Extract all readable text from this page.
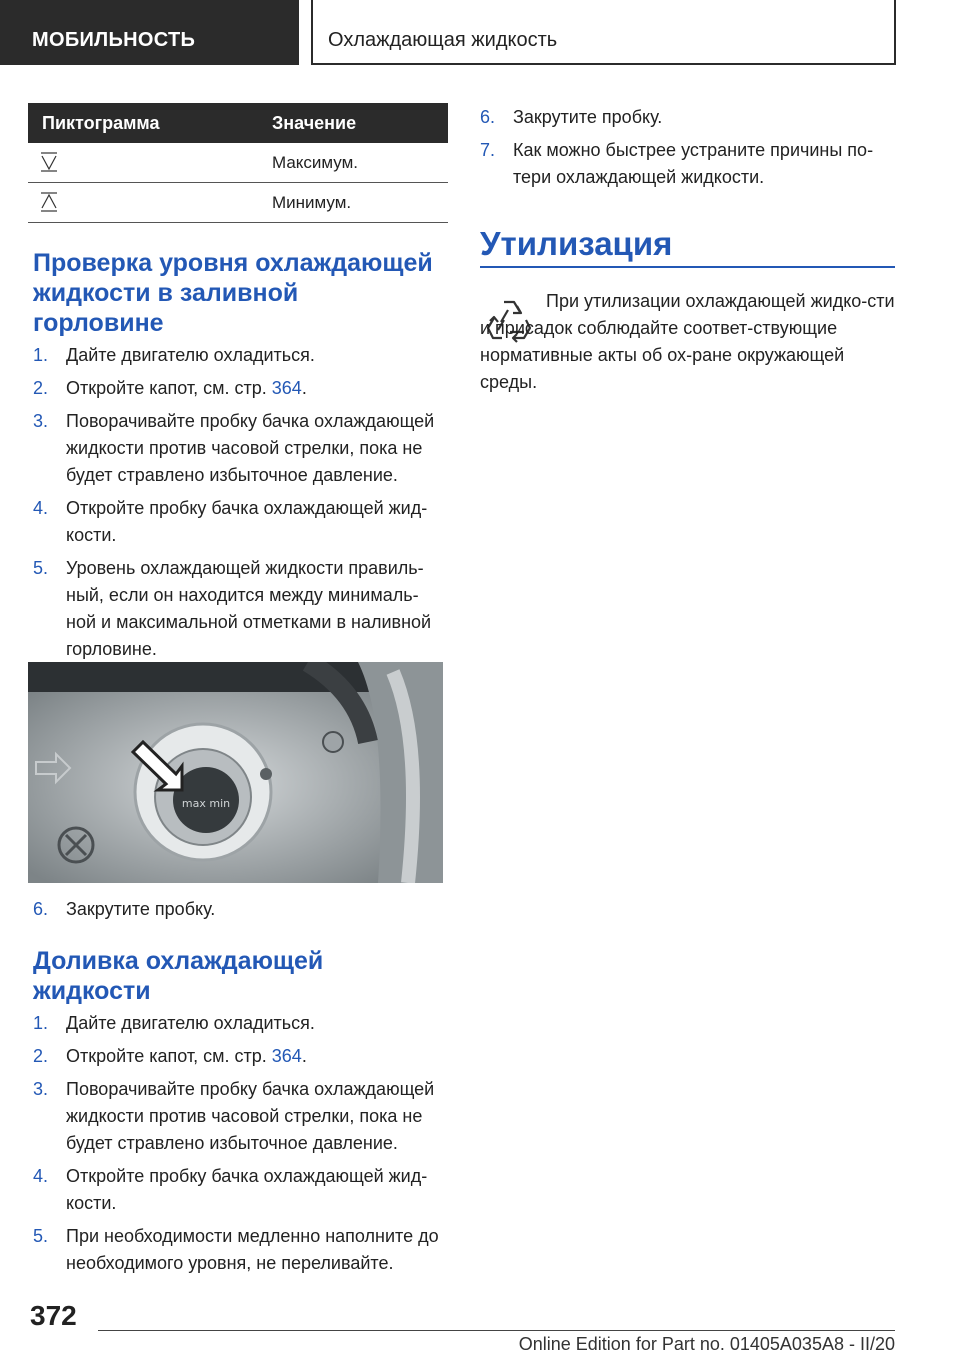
МОБИЛЬНОСТЬ	Охлаждающая жидкость
Пиктограмма	Значение
Максимум.
Минимум.
Проверка уровня охлаждающей жидкости в заливной горловине
1. Дайте двигателю охладиться.
2. Откройте капот, см. стр. 364.
3. Поворачивайте пробку бачка охлаждающей жидкости против часовой стрелки, пока не будет стравлено избыточное давление.
4. Откройте пробку бачка охлаждающей жид-кости.
5. Уровень охлаждающей жидкости правиль-ный, если он находится между минималь-ной и максимальной отметками в наливной горловине.
max min
6. Закрутите пробку.
Доливка охлаждающей жидкости
1. Дайте двигателю охладиться.
2. Откройте капот, см. стр. 364.
3. Поворачивайте пробку бачка охлаждающей жидкости против часовой стрелки, пока не будет стравлено избыточное давление.
4. Откройте пробку бачка охлаждающей жид-кости.
5. При необходимости медленно наполните до необходимого уровня, не переливайте.
6. Закрутите пробку.
7. Как можно быстрее устраните причины по-тери охлаждающей жидкости.
Утилизация

При утилизации охлаждающей жидко-сти и присадок соблюдайте соответ-ствующие нормативные акты об ох-ране окружающей среды.

372
Online Edition for Part no. 01405A035A8 - II/20
